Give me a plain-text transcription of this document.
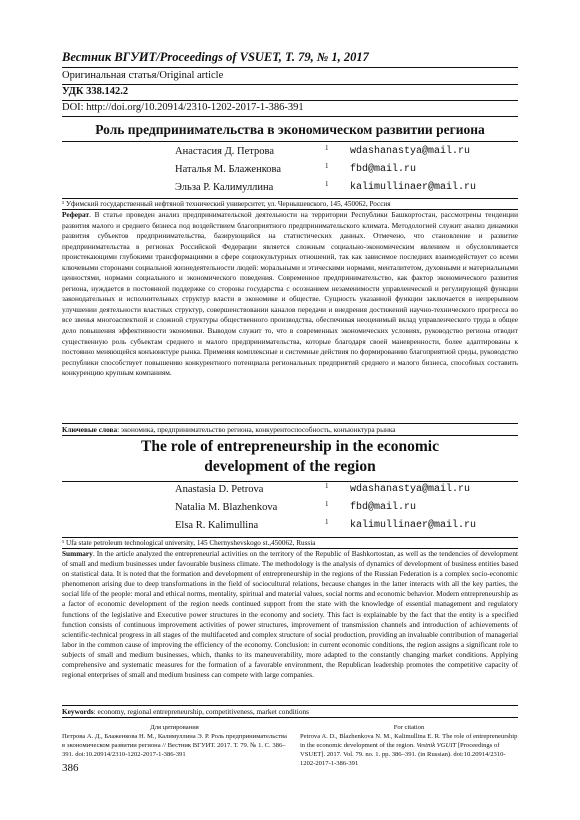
Вестник ВГУИТ/Proceedings of VSUET, Т. 79, № 1, 2017
Оригинальная статья/Original article
УДК 338.142.2
DOI: http://doi.org/10.20914/2310-1202-2017-1-386-391
Роль предпринимательства в экономическом развитии региона
Анастасия Д. Петрова	1 wdashanastya@mail.ru
Наталья М. Блаженкова	1 fbd@mail.ru
Эльза Р. Калимуллина	1 kalimullinaer@mail.ru
¹ Уфимский государственный нефтяной технический университет, ул. Чернышевского, 145, 450062, Россия
Реферат. В статье проведен анализ предпринимательской деятельности на территории Республики Башкортостан, рассмотрены тенденции развития малого и среднего бизнеса под воздействием благоприятного предпринимательского климата. Методологией служит анализ динамики развития субъектов предпринимательства, базирующийся на статистических данных. Отмечено, что становление и развитие предпринимательства в регионах Российской Федерации является сложным социально-экономическим явлением и обусловливается проистекающими глубокими трансформациями в сфере социокультурных отношений, так как зависимое последних взаимодействует со всеми ключевыми сторонами социальной жизнедеятельности людей: моральными и этическими нормами, менталитетом, духовными и материальными ценностями, нормами социального и экономического поведения. Современное предпринимательство, как фактор экономического развития региона, нуждается в постоянной поддержке со стороны государства с осознанием незаменимости управленческой и регулирующей функции законодательных и исполнительных структур власти в экономике и обществе. Сущность указанной функции заключается в непрерывном улучшении деятельности властных структур, совершенствовании каналов передачи и внедрения достижений научно-технического прогресса во все звенья многоаспектной и сложной структуры общественного производства, обеспечивая неоценимый вклад управленческого труда в общее дело повышения эффективности экономики. Выводом служит то, что в современных экономических условиях, руководство региона отводит существенную роль субъектам среднего и малого предпринимательства, которые благодаря своей маневренности, более адаптированы к постоянно меняющейся конъюнктуре рынка. Применяя комплексные и системные действия по формированию благоприятной среды, руководство республики способствует повышению конкурентного потенциала региональных предприятий среднего и малого бизнеса, способных составить конкуренцию крупным компаниям.
Ключевые слова: экономика, предпринимательство региона, конкурентоспособность, конъюнктура рынка
The role of entrepreneurship in the economic development of the region
Anastasia D. Petrova	1 wdashanastya@mail.ru
Natalia M. Blazhenkova	1 fbd@mail.ru
Elsa R. Kalimullina	1 kalimullinaer@mail.ru
¹ Ufa state petroleum technological university, 145 Chernyshevskogo st.,450062, Russia
Summary. In the article analyzed the entrepreneurial activities on the territory of the Republic of Bashkortostan, as well as the tendencies of development of small and medium businesses under favourable business climate. The methodology is the analysis of dynamics of development of business entities based on statistical data. It is noted that the formation and development of entrepreneurship in the regions of the Russian Federation is a complex socio-economic phenomenon arising due to deep transformations in the field of sociocultural relations, because changes in the latter interacts with all the key parties, the social life of the people: moral and ethical norms, mentality, spiritual and material values, social norms and economic behavior. Modern entrepreneurship as a factor of economic development of the region needs continued support from the state with the knowledge of essential management and regulatory functions of the legislative and Executive power structures in the economy and society. This fact is explainable by the fact that the entity is a specified function consists of continuous improvement activities of power structures, improvement of transmission channels and introduction of achievements of scientific-technical progress in all stages of the multifaceted and complex structure of social production, providing an invaluable contribution of managerial labor in the common cause of improving the efficiency of the economy. Conclusion: in current economic conditions, the region assigns a significant role to subjects of small and medium businesses, which, thanks to its maneuverability, more adapted to the constantly changing market conditions. Applying comprehensive and systematic measures for the formation of a favorable environment, the Republican leadership promotes the competitive capacity of regional enterprises of small and medium business can compete with large companies.
Keywords: economy, regional entrepreneurship, competitiveness, market conditions
Для цитирования
Петрова А. Д., Блаженкова Н. М., Калимуллина Э. Р. Роль предпринимательства в экономическом развитии региона // Вестник ВГУИТ. 2017. Т. 79. № 1. С. 386–391. doi:10.20914/2310-1202-2017-1-386-391
For citation
Petrova A. D., Blazhenkova N. M., Kalimullina E. R. The role of entrepreneurship in the economic development of the region. Vestnik VGUIT [Proceedings of VSUET]. 2017. Vol. 79. no. 1. pp. 386–391. (in Russian). doi:10.20914/2310-1202-2017-1-386-391
386
